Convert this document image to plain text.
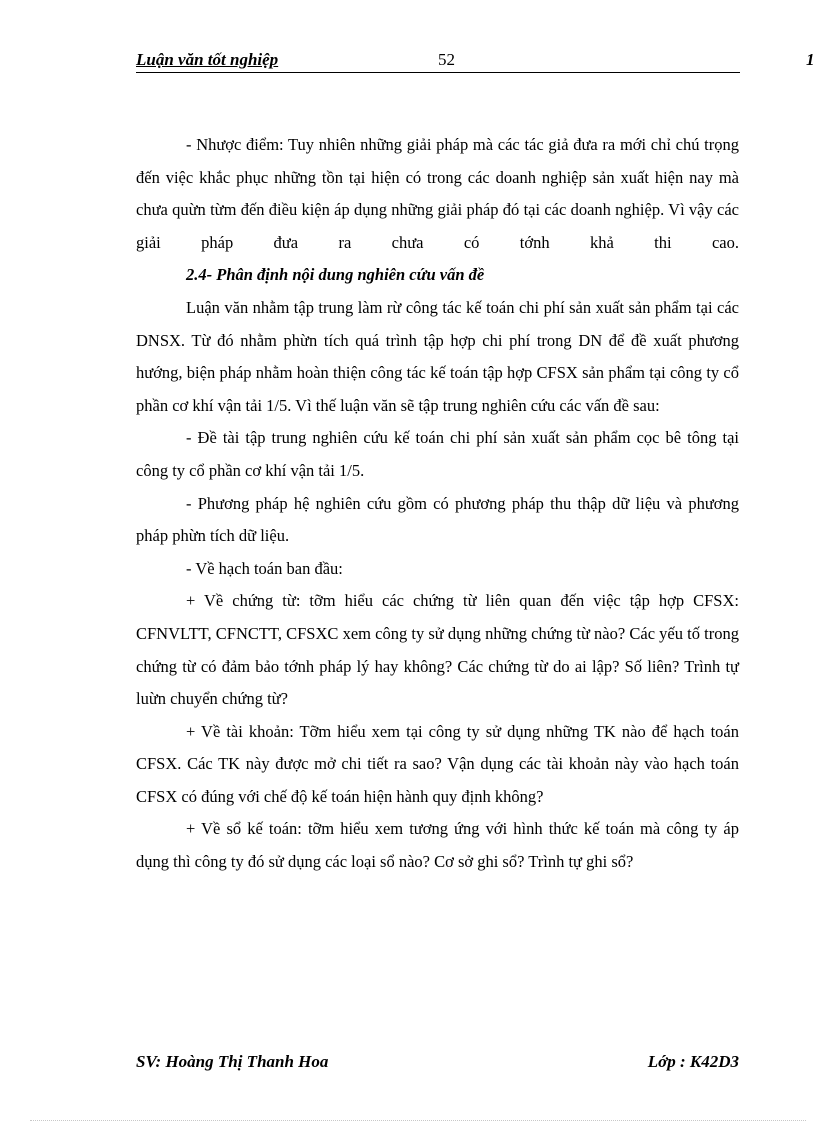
Luận văn tốt nghiệp	52	1

- Nhược điểm: Tuy nhiên những giải pháp mà các tác giả đưa ra mới chỉ chú trọng đến việc khắc phục những tồn tại hiện có trong các doanh nghiệp sản xuất hiện nay mà chưa quừn từm đến điều kiện áp dụng những giải pháp đó tại các doanh nghiệp. Vì vậy các giải pháp đưa ra chưa có tớnh khả thi cao.

2.4- Phân định nội dung nghiên cứu vấn đề

Luận văn nhằm tập trung làm rừ công tác kế toán chi phí sản xuất sản phẩm tại các DNSX. Từ đó nhằm phừn tích quá trình tập hợp chi phí trong DN để đề xuất phương hướng, biện pháp nhằm hoàn thiện công tác kế toán tập hợp CFSX sản phẩm tại công ty cổ phần cơ khí vận tải 1/5. Vì thế luận văn sẽ tập trung nghiên cứu các vấn đề sau:

- Đề tài tập trung nghiên cứu kế toán chi phí sản xuất sản phẩm cọc bê tông tại công ty cổ phần cơ khí vận tải 1/5.

- Phương pháp hệ nghiên cứu gồm có phương pháp thu thập dữ liệu và phương pháp phừn tích dữ liệu.

- Về hạch toán ban đầu:

+ Về chứng từ: tỡm hiểu các chứng từ liên quan đến việc tập hợp CFSX: CFNVLTT, CFNCTT, CFSXC xem công ty sử dụng những chứng từ nào? Các yếu tố trong chứng từ có đảm bảo tớnh pháp lý hay không? Các chứng từ do ai lập? Số liên? Trình tự luừn chuyển chứng từ?

+ Về tài khoản: Tỡm hiểu xem tại công ty sử dụng những TK nào để hạch toán CFSX. Các TK này được mở chi tiết ra sao? Vận dụng các tài khoản này vào hạch toán CFSX có đúng với chế độ kế toán hiện hành quy định không?

+ Về sổ kế toán: tỡm hiểu xem tương ứng với hình thức kế toán mà công ty áp dụng thì công ty đó sử dụng các loại sổ nào? Cơ sở ghi sổ? Trình tự ghi sổ?

SV: Hoàng Thị Thanh Hoa	Lớp : K42D3
